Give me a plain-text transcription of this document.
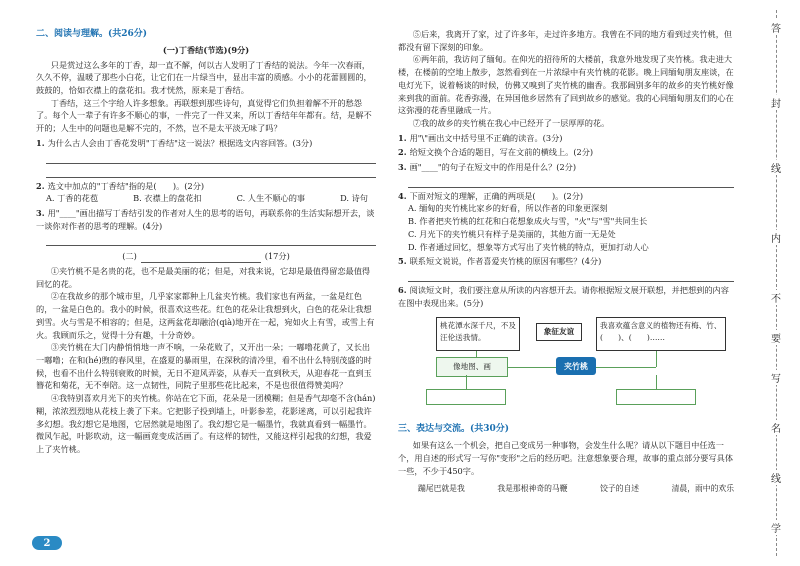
二、阅读与理解。(共26分)
(一)丁香结(节选)(9分)

只是赏过这么多年的丁香，却一直不解，何以古人发明了丁香结的说法。今年一次春雨，久久不停，温暖了那些小白花，让它们在一片绿当中，显出丰富的质感。小小的花蕾圆圆的，鼓鼓的，恰如衣襟上的盘花扣。我才恍然，原来是丁香结。

丁香结，这三个字给人许多想象。再联想到那些诗句，真觉得它们负担着解不开的愁怨了。每个人一辈子有许多不顺心的事，一件完了一件又来，所以丁香结年年都有。结，是解不开的；人生中的问题也是解不完的，不然，岂不是太平淡无味了吗？

1. 为什么古人会由丁香花发明"丁香结"这一说法？根据选文内容回答。(3分)
2. 选文中加点的"丁香结"指的是(　　)。(2分)
A. 丁香的花苞	B. 衣襟上的盘花扣	C. 人生不顺心的事	D. 诗句
3. 用"____"画出描写丁香结引发的作者对人生的思考的语句，再联系你的生活实际想开去，谈一谈你对作者的思考的理解。(4分)
(二)	(17分)

①夹竹桃不是名贵的花，也不是最美丽的花；但是，对我来说，它却是最值得留恋最值得回忆的花。

②在我故乡的那个城市里，几乎家家都种上几盆夹竹桃。我们家也有两盆，一盆是红色的，一盆是白色的。我小的时候，很喜欢这些花。红色的花朵让我想到火，白色的花朵让我想到雪。火与雪是不相容的；但是，这两盆花却融洽(qià)地开在一起，宛如火上有雪，或雪上有火。我顾而乐之，觉得十分有趣，十分奇妙。

③夹竹桃在大门内静悄悄地一声不响，一朵花败了，又开出一朵；一嘟噜花黄了，又长出一嘟噜；在和(hé)煦的春风里，在盛夏的暴雨里，在深秋的清冷里，看不出什么特别茂盛的时候，也看不出什么特别衰败的时候，无日不迎风弄姿，从春天一直到秋天，从迎春花一直到玉簪花和菊花，无不奉陪。这一点韧性，同院子里那些花比起来，不是也很值得赞美吗？

④我特别喜欢月光下的夹竹桃。你站在它下面，花朵是一团模糊；但是香气却毫不含(hán)糊，浓浓烈烈地从花枝上袭了下来。它把影子投到墙上，叶影参差，花影迷离，可以引起我许多幻想。我幻想它是地图，它居然就是地图了。我幻想它是一幅墨竹，我就真看到一幅墨竹。微风乍起，叶影吹动，这一幅画竟变成活画了。有这样的韧性，又能这样引起我的幻想，我爱上了夹竹桃。

⑤后来，我离开了家，过了许多年，走过许多地方。我曾在不同的地方看到过夹竹桃，但都没有留下深刻的印象。

⑥两年前，我访问了缅甸。在仰光的招待所的大楼前，我意外地发现了夹竹桃。我走进大楼，在楼前的空地上散步，忽然看到在一片浓绿中有夹竹桃的花影。晚上同缅甸朋友座谈，在电灯光下，说着畅谈的时候，仿佛又嗅到了夹竹桃的幽香。我那阔别多年的故乡的夹竹桃好像来到我的面前。花香弥漫，在异国他乡居然有了回到故乡的感觉。我的心同缅甸朋友们的心在这弥漫的花香里融成一片。

⑦我的故乡的夹竹桃在我心中已经开了一层厚厚的花。

1. 用"\"画出文中括号里不正确的读音。(3分)
2. 给短文换个合适的题目，写在文前的横线上。(2分)
3. 画"____"的句子在短文中的作用是什么？(2分)
4. 下面对短文的理解，正确的两项是(　　)。(2分)
A. 缅甸的夹竹桃比家乡的好看，所以作者的印象更深刻
B. 作者把夹竹桃的红花和白花想象成火与雪，"火"与"雪"共同生长
C. 月光下的夹竹桃只有样子是美丽的，其他方面一无是处
D. 作者通过回忆，想象等方式写出了夹竹桃的特点，更加打动人心
5. 联系短文说说，作者喜爱夹竹桃的原因有哪些？(4分)
6. 阅读短文时，我们要注意从所读的内容想开去。请你根据短文展开联想，并把想到的内容在图中表现出来。(5分)
桃花潭水深千尺，不及汪伦送我情。
象征友谊
我喜欢蕴含意义的植物还有梅、竹、(　　)、(　　)……
像地图、画	夹竹桃
三、表达与交流。(共30分)

如果有这么一个机会，把自己变成另一种事物，会发生什么呢？请从以下题目中任选一个，用自述的形式写一写你"变形"之后的经历吧。注意想象要合理，故事的重点部分要写具体一些，不少于450字。

蹦尾巴就是我	我是那根神奇的马鞭	饺子的自述	清晨，雨中的欢乐
答
封
线
内
不
要
写
名
线
学
2
